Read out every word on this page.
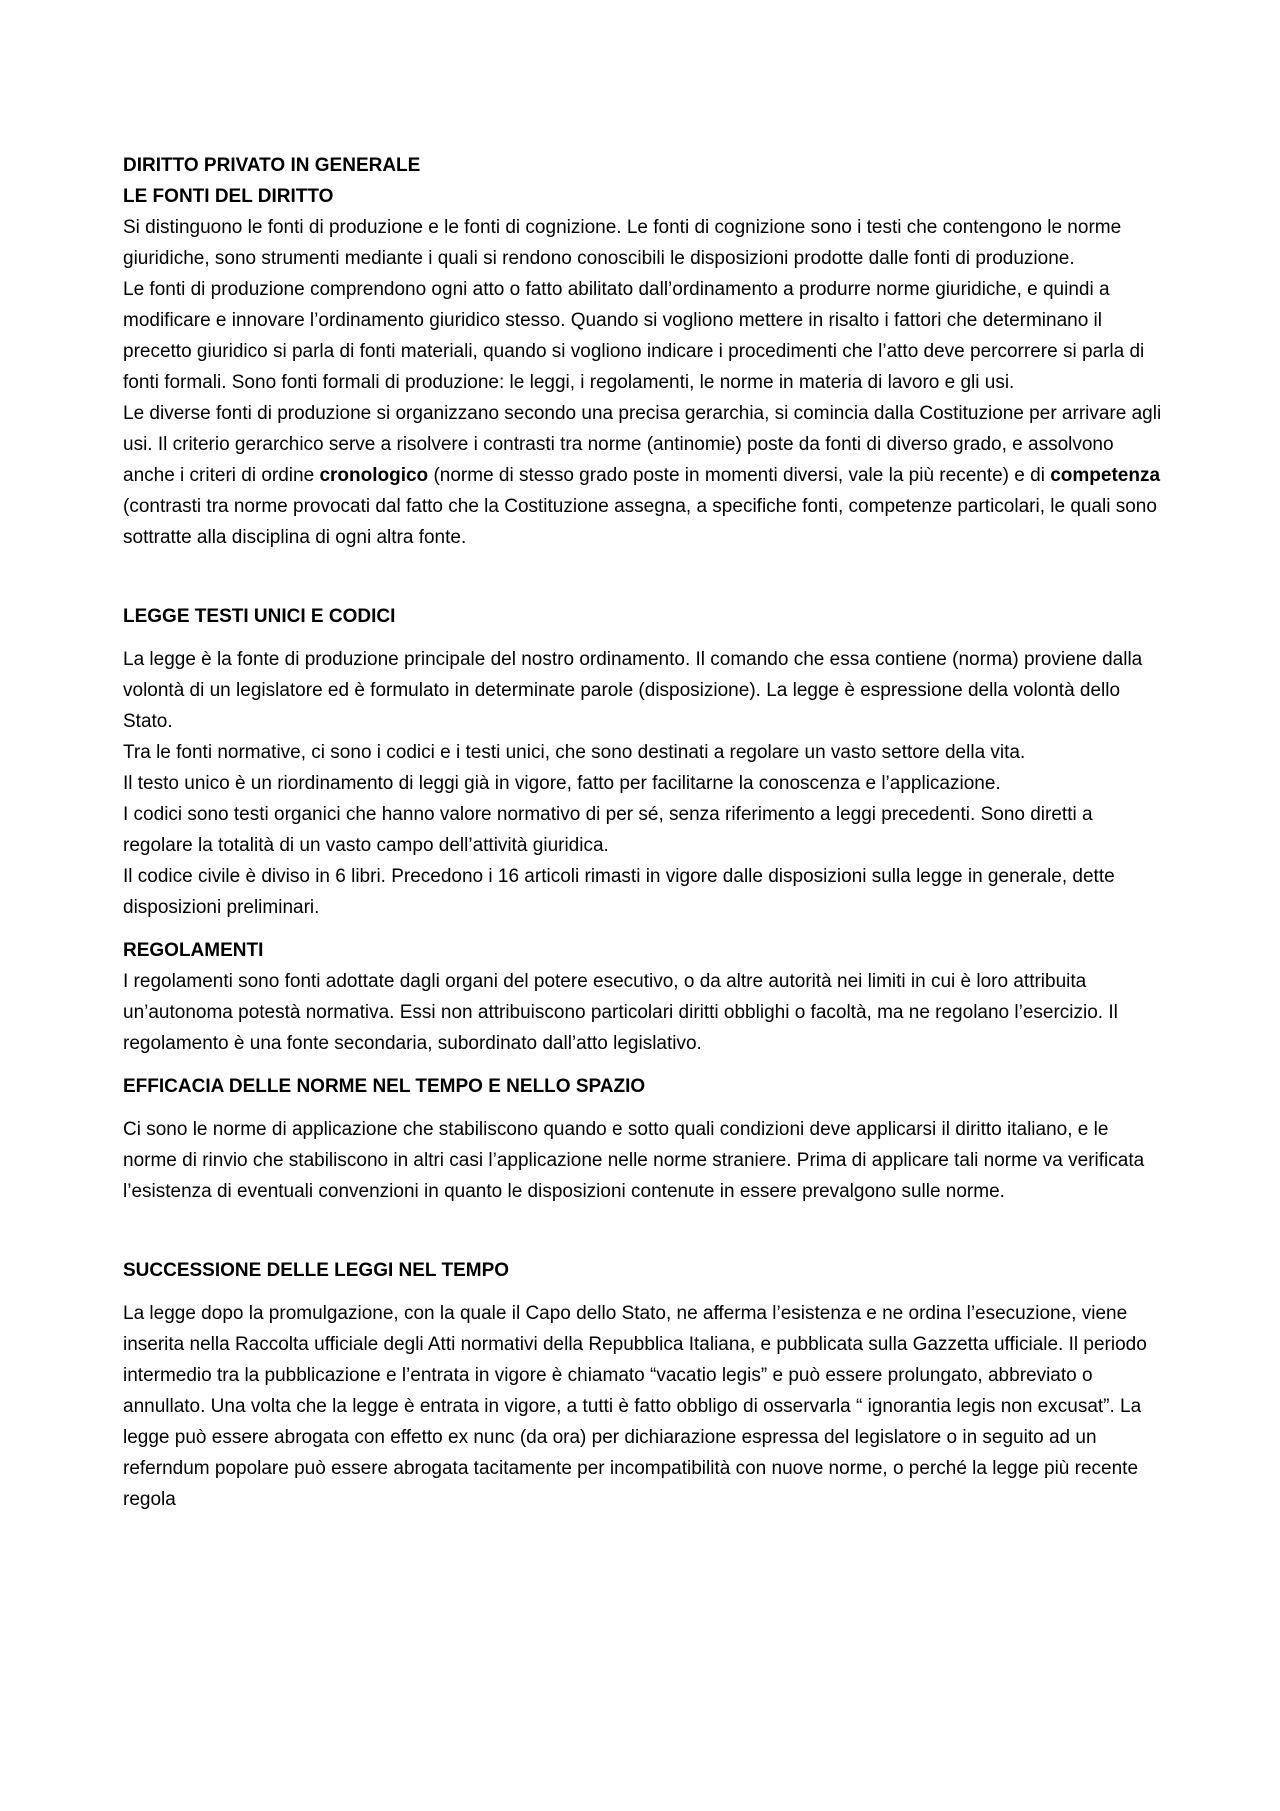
DIRITTO PRIVATO IN GENERALE

LE FONTI DEL DIRITTO

Si distinguono le fonti di produzione e le fonti di cognizione. Le fonti di cognizione sono i testi che contengono le norme giuridiche, sono strumenti mediante i quali si rendono conoscibili le disposizioni prodotte dalle fonti di produzione.

Le fonti di produzione comprendono ogni atto o fatto abilitato dall’ordinamento a produrre norme giuridiche, e quindi a modificare e innovare l’ordinamento giuridico stesso. Quando si vogliono mettere in risalto i fattori che determinano il precetto giuridico si parla di fonti materiali, quando si vogliono indicare i procedimenti che l’atto deve percorrere si parla di fonti formali. Sono fonti formali di produzione: le leggi, i regolamenti, le norme in materia di lavoro e gli usi.

Le diverse fonti di produzione si organizzano secondo una precisa gerarchia, si comincia dalla Costituzione per arrivare agli usi. Il criterio gerarchico serve a risolvere i contrasti tra norme (antinomie) poste da fonti di diverso grado, e assolvono anche i criteri di ordine cronologico (norme di stesso grado poste in momenti diversi, vale la più recente) e di competenza (contrasti tra norme provocati dal fatto che la Costituzione assegna, a specifiche fonti, competenze particolari, le quali sono sottratte alla disciplina di ogni altra fonte.

LEGGE TESTI UNICI E CODICI

La legge è la fonte di produzione principale del nostro ordinamento. Il comando che essa contiene (norma) proviene dalla volontà di un legislatore ed è formulato in determinate parole (disposizione). La legge è espressione della volontà dello Stato.

Tra le fonti normative, ci sono i codici e i testi unici, che sono destinati a regolare un vasto settore della vita.

Il testo unico è un riordinamento di leggi già in vigore, fatto per facilitarne la conoscenza e l’applicazione.

I codici sono testi organici che hanno valore normativo di per sé, senza riferimento a leggi precedenti. Sono diretti a regolare la totalità di un vasto campo dell’attività giuridica.

Il codice civile è diviso in 6 libri. Precedono i 16 articoli rimasti in vigore dalle disposizioni sulla legge in generale, dette disposizioni preliminari.

REGOLAMENTI

I regolamenti sono fonti adottate dagli organi del potere esecutivo, o da altre autorità nei limiti in cui è loro attribuita un’autonoma potestà normativa. Essi non attribuiscono particolari diritti obblighi o facoltà, ma ne regolano l’esercizio. Il regolamento è una fonte secondaria, subordinato dall’atto legislativo.

EFFICACIA DELLE NORME NEL TEMPO E NELLO SPAZIO

Ci sono le norme di applicazione che stabiliscono quando e sotto quali condizioni deve applicarsi il diritto italiano, e le norme di rinvio che stabiliscono in altri casi l’applicazione nelle norme straniere. Prima di applicare tali norme va verificata l’esistenza di eventuali convenzioni in quanto le disposizioni contenute in essere prevalgono sulle norme.

SUCCESSIONE DELLE LEGGI NEL TEMPO

La legge dopo la promulgazione, con la quale il Capo dello Stato, ne afferma l’esistenza e ne ordina l’esecuzione, viene inserita nella Raccolta ufficiale degli Atti normativi della Repubblica Italiana, e pubblicata sulla Gazzetta ufficiale. Il periodo intermedio tra la pubblicazione e l’entrata in vigore è chiamato “vacatio legis” e può essere prolungato, abbreviato o annullato. Una volta che la legge è entrata in vigore, a tutti è fatto obbligo di osservarla “ ignorantia legis non excusat”. La legge può essere abrogata con effetto ex nunc (da ora) per dichiarazione espressa del legislatore o in seguito ad un referndum popolare può essere abrogata tacitamente per incompatibilità con nuove norme, o perché la legge più recente regola
